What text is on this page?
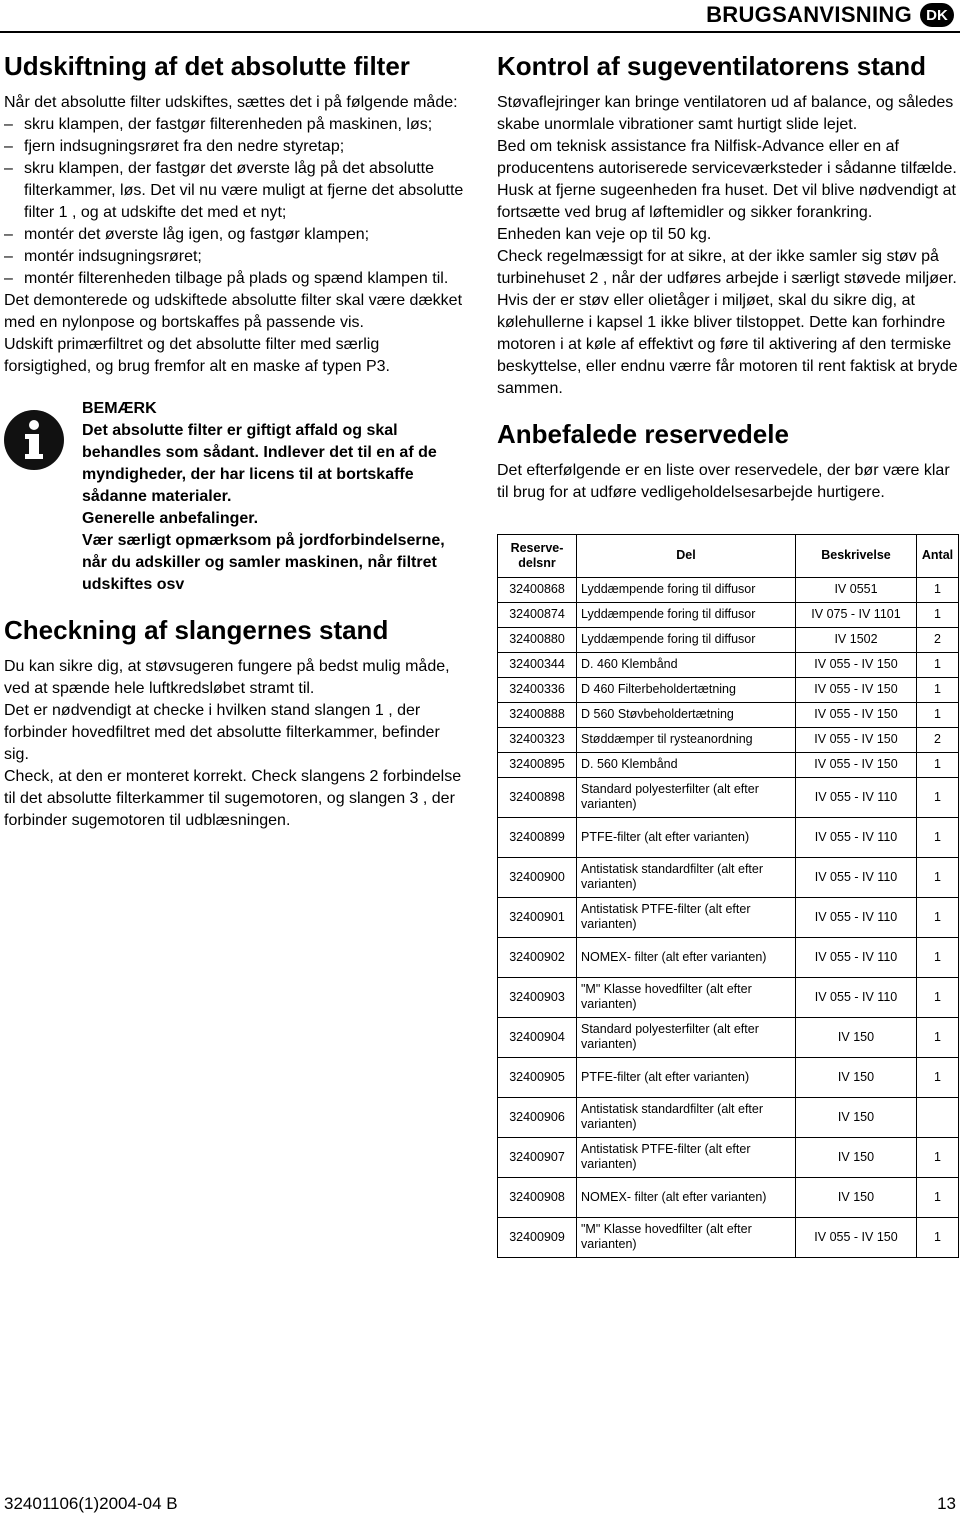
BRUGSANVISNING DK
Udskiftning af det absolutte filter

Når det absolutte filter udskiftes, sættes det i på følgende måde:

– skru klampen, der fastgør filterenheden på maskinen, løs;
– fjern indsugningsrøret fra den nedre styretap;
– skru klampen, der fastgør det øverste låg på det absolutte filterkammer, løs. Det vil nu være muligt at fjerne det absolutte filter 1 , og at udskifte det med et nyt;
– montér det øverste låg igen, og fastgør klampen;
– montér indsugningsrøret;
– montér filterenheden tilbage på plads og spænd klampen til.

Det demonterede og udskiftede absolutte filter skal være dækket med en nylonpose og bortskaffes på passende vis.

Udskift primærfiltret og det absolutte filter med særlig forsigtighed, og brug fremfor alt en maske af typen P3.

BEMÆRK
Det absolutte filter er giftigt affald og skal behandles som sådant. Indlever det til en af de myndigheder, der har licens til at bortskaffe sådanne materialer.
Generelle anbefalinger.
Vær særligt opmærksom på jordforbindelserne, når du adskiller og samler maskinen, når filtret udskiftes osv
Checkning af slangernes stand

Du kan sikre dig, at støvsugeren fungere på bedst mulig måde, ved at spænde hele luftkredsløbet stramt til.

Det er nødvendigt at checke i hvilken stand slangen 1 , der forbinder hovedfiltret med det absolutte filterkammer, befinder sig.

Check, at den er monteret korrekt. Check slangens 2 forbindelse til det absolutte filterkammer til sugemotoren, og slangen 3 , der forbinder sugemotoren til udblæsningen.

Kontrol af sugeventilatorens stand

Støvaflejringer kan bringe ventilatoren ud af balance, og således skabe unormlale vibrationer samt hurtigt slide lejet.

Bed om teknisk assistance fra Nilfisk-Advance eller en af producentens autoriserede serviceværksteder i sådanne tilfælde.

Husk at fjerne sugeenheden fra huset. Det vil blive nødvendigt at fortsætte ved brug af løftemidler og sikker forankring.

Enheden kan veje op til 50 kg.

Check regelmæssigt for at sikre, at der ikke samler sig støv på turbinehuset 2 , når der udføres arbejde i særligt støvede miljøer.

Hvis der er støv eller olietåger i miljøet, skal du sikre dig, at kølehullerne i kapsel 1 ikke bliver tilstoppet. Dette kan forhindre motoren i at køle af effektivt og føre til aktivering af den termiske beskyttelse, eller endnu værre får motoren til rent faktisk at bryde sammen.

Anbefalede reservedele

Det efterfølgende er en liste over reservedele, der bør være klar til brug for at udføre vedligeholdelsesarbejde hurtigere.

Reserve-delsnr	Del	Beskrivelse	Antal
32400868	Lyddæmpende foring til diffusor	IV 0551	1
32400874	Lyddæmpende foring til diffusor	IV 075 - IV 1101	1
32400880	Lyddæmpende foring til diffusor	IV 1502	2
32400344	D. 460 Klembånd	IV 055 - IV 150	1
32400336	D 460 Filterbeholdertætning	IV 055 - IV 150	1
32400888	D 560 Støvbeholdertætning	IV 055 - IV 150	1
32400323	Støddæmper til rysteanordning	IV 055 - IV 150	2
32400895	D. 560 Klembånd	IV 055 - IV 150	1
32400898	Standard polyesterfilter (alt efter varianten)	IV 055 - IV 110	1
32400899	PTFE-filter (alt efter varianten)	IV 055 - IV 110	1
32400900	Antistatisk standardfilter (alt efter varianten)	IV 055 - IV 110	1
32400901	Antistatisk PTFE-filter (alt efter varianten)	IV 055 - IV 110	1
32400902	NOMEX- filter (alt efter varianten)	IV 055 - IV 110	1
32400903	"M" Klasse hovedfilter (alt efter varianten)	IV 055 - IV 110	1
32400904	Standard polyesterfilter (alt efter varianten)	IV 150	1
32400905	PTFE-filter (alt efter varianten)	IV 150	1
32400906	Antistatisk standardfilter (alt efter varianten)	IV 150	
32400907	Antistatisk PTFE-filter (alt efter varianten)	IV 150	1
32400908	NOMEX- filter (alt efter varianten)	IV 150	1
32400909	"M" Klasse hovedfilter (alt efter varianten)	IV 055 - IV 150	1
32401106(1)2004-04 B	13
